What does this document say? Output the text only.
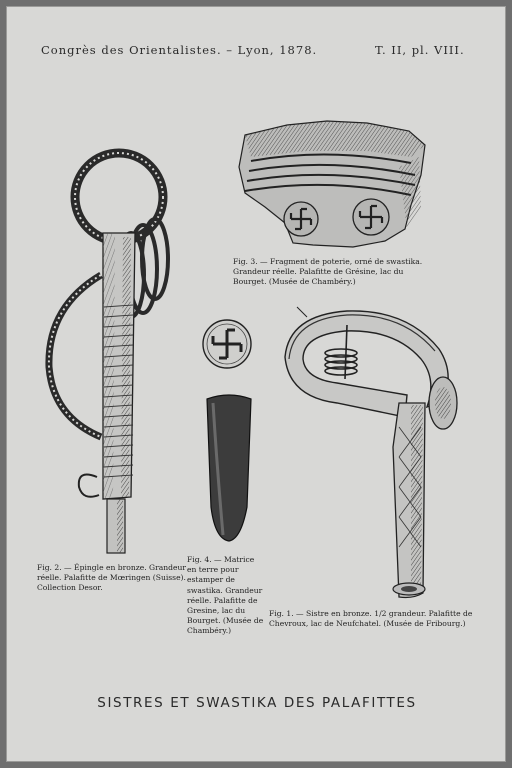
Congrès des Orientalistes. – Lyon, 1878.	T. II, pl. VIII.
Fig. 3. — Fragment de poterie, orné de swastika. Grandeur réelle. Palafitte de Grésine, lac du Bourget. (Musée de Chambéry.)
Fig. 2. — Épingle en bronze. Grandeur réelle. Palafitte de Mœringen (Suisse). Collection Desor.
Fig. 4. — Matrice en terre pour estamper de swastika. Grandeur réelle. Palafitte de Gresine, lac du Bourget. (Musée de Chambéry.)
Fig. 1. — Sistre en bronze. 1/2 grandeur. Palafitte de Chevroux, lac de Neufchatel. (Musée de Fribourg.)
SISTRES ET SWASTIKA DES PALAFITTES
